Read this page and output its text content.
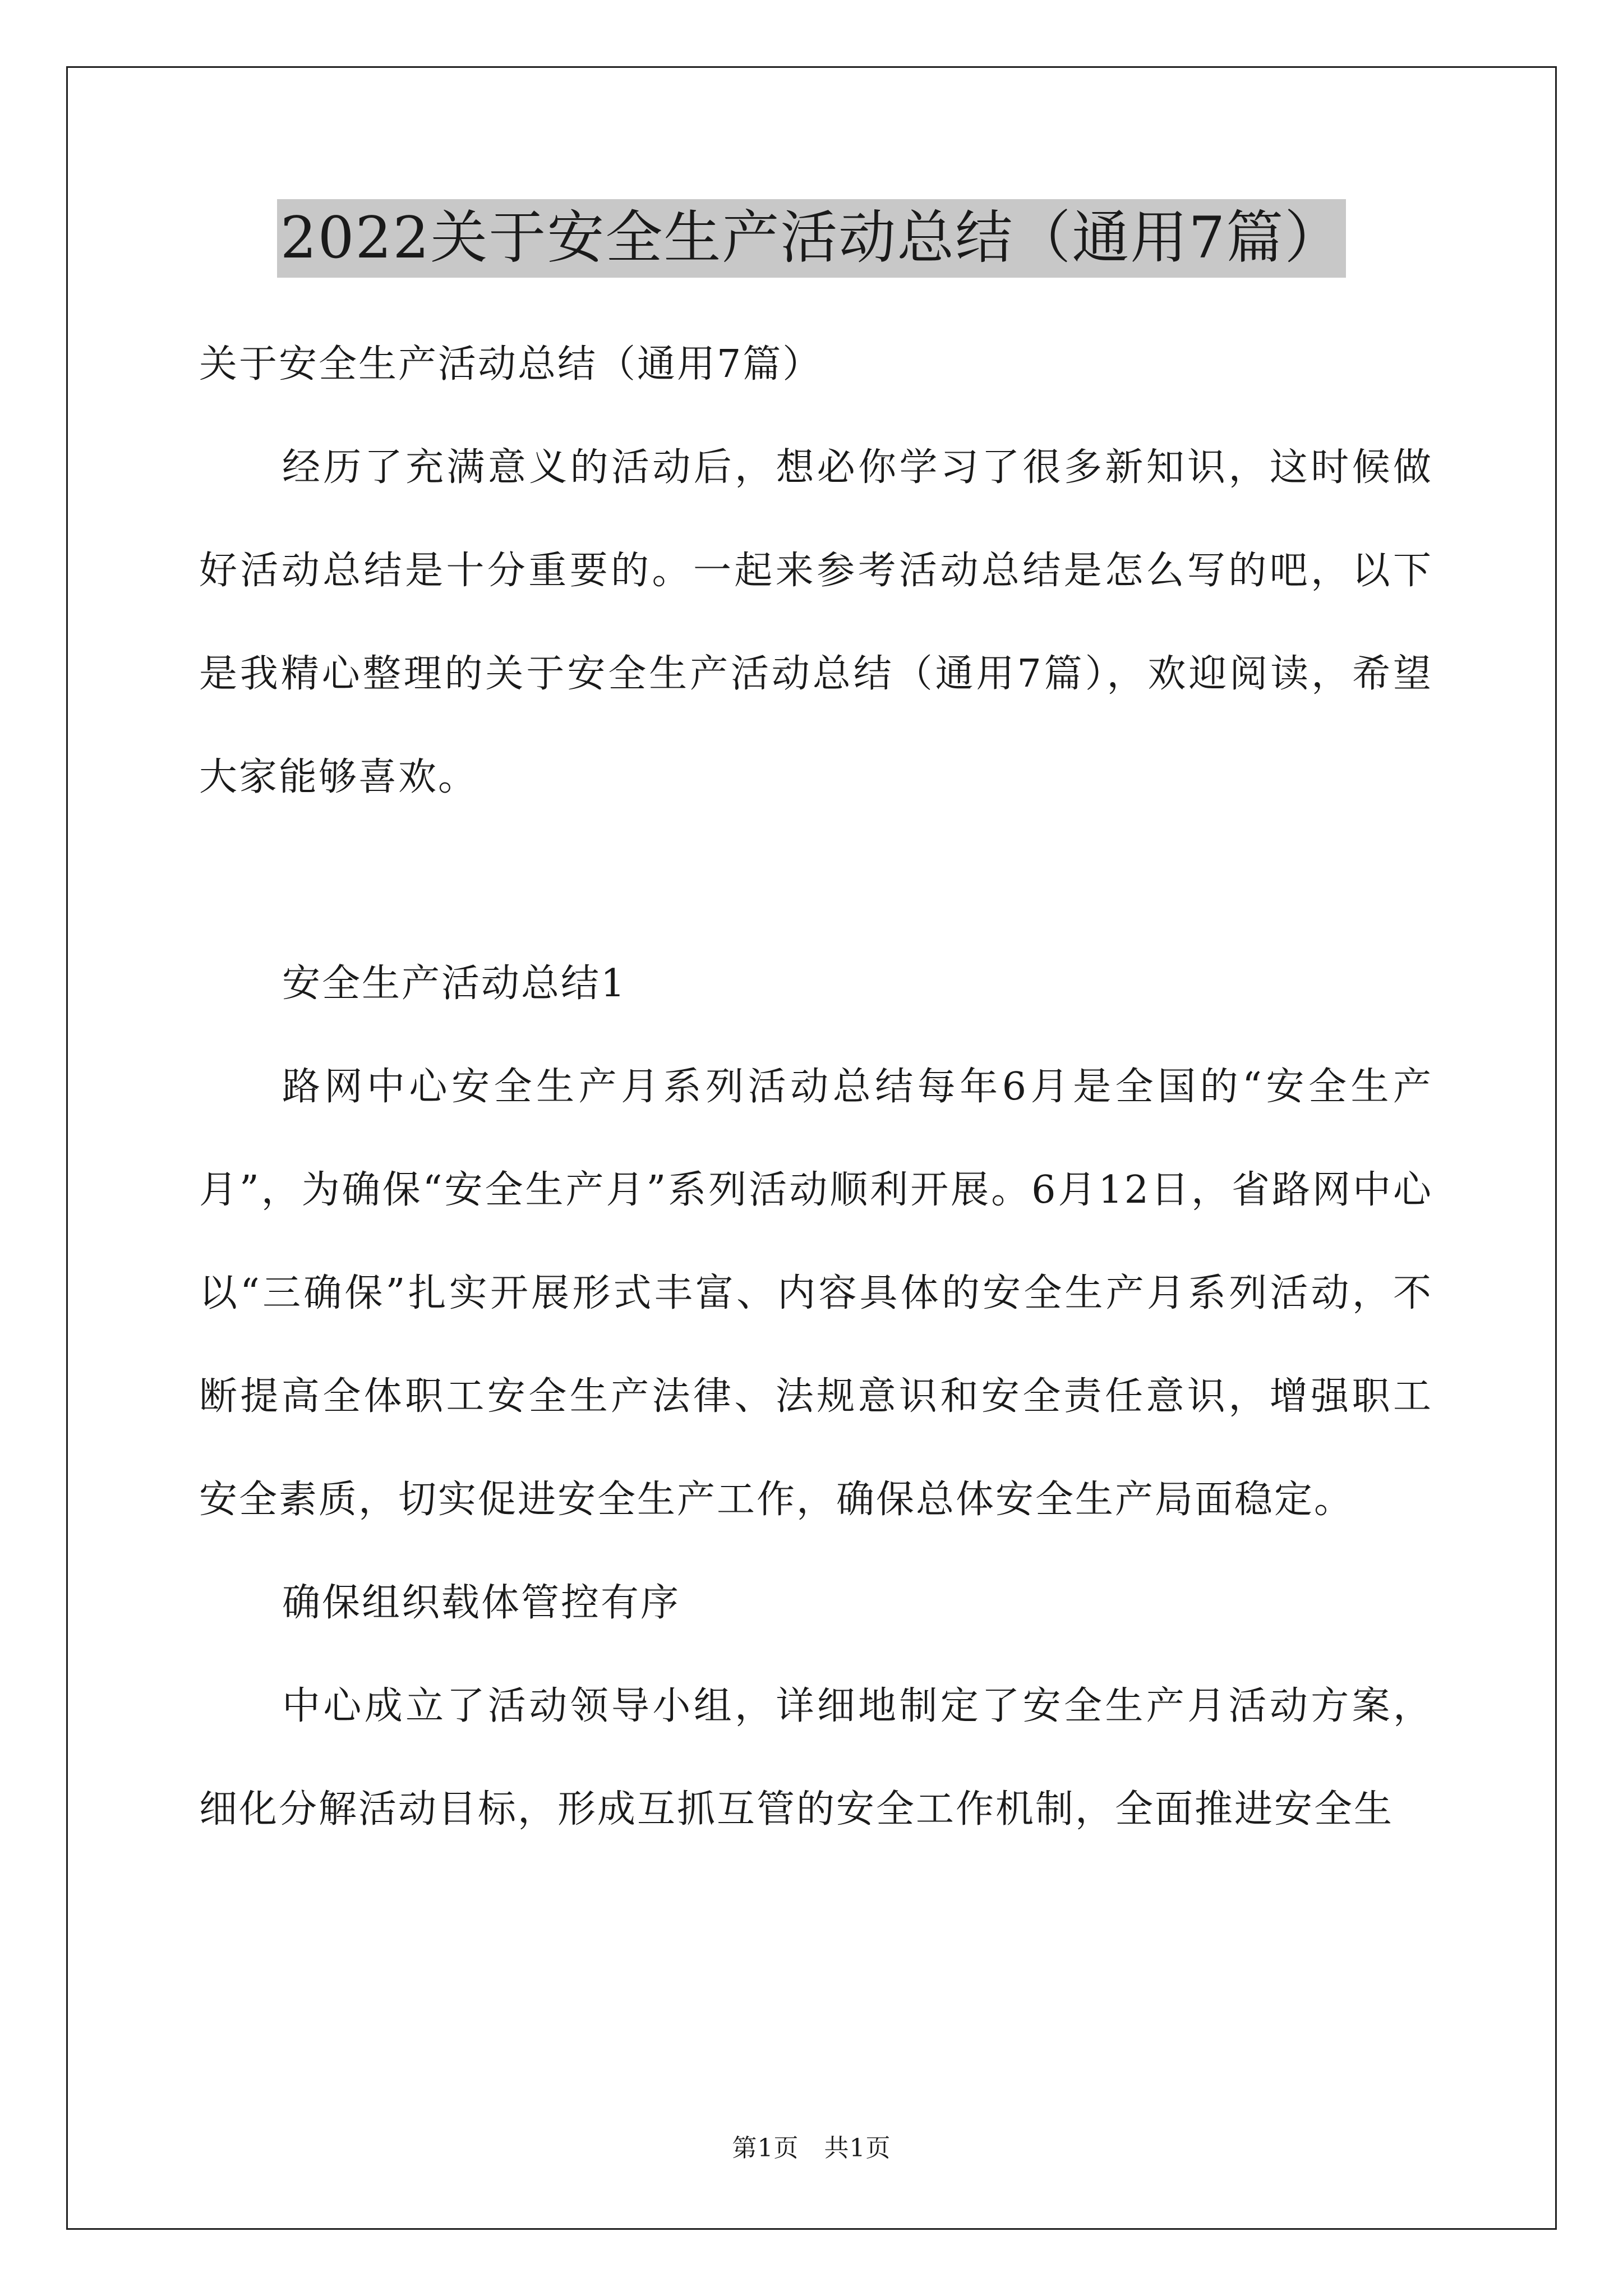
2022关于安全生产活动总结（通用7篇）

关于安全生产活动总结（通用7篇）

经历了充满意义的活动后，想必你学习了很多新知识，这时候做好活动总结是十分重要的。一起来参考活动总结是怎么写的吧，以下是我精心整理的关于安全生产活动总结（通用7篇），欢迎阅读，希望大家能够喜欢。

安全生产活动总结1

路网中心安全生产月系列活动总结每年6月是全国的“安全生产月”，为确保“安全生产月”系列活动顺利开展。6月12日，省路网中心以“三确保”扎实开展形式丰富、内容具体的安全生产月系列活动，不断提高全体职工安全生产法律、法规意识和安全责任意识，增强职工安全素质，切实促进安全生产工作，确保总体安全生产局面稳定。

确保组织载体管控有序

中心成立了活动领导小组，详细地制定了安全生产月活动方案，细化分解活动目标，形成互抓互管的安全工作机制，全面推进安全生

第1页　共1页
